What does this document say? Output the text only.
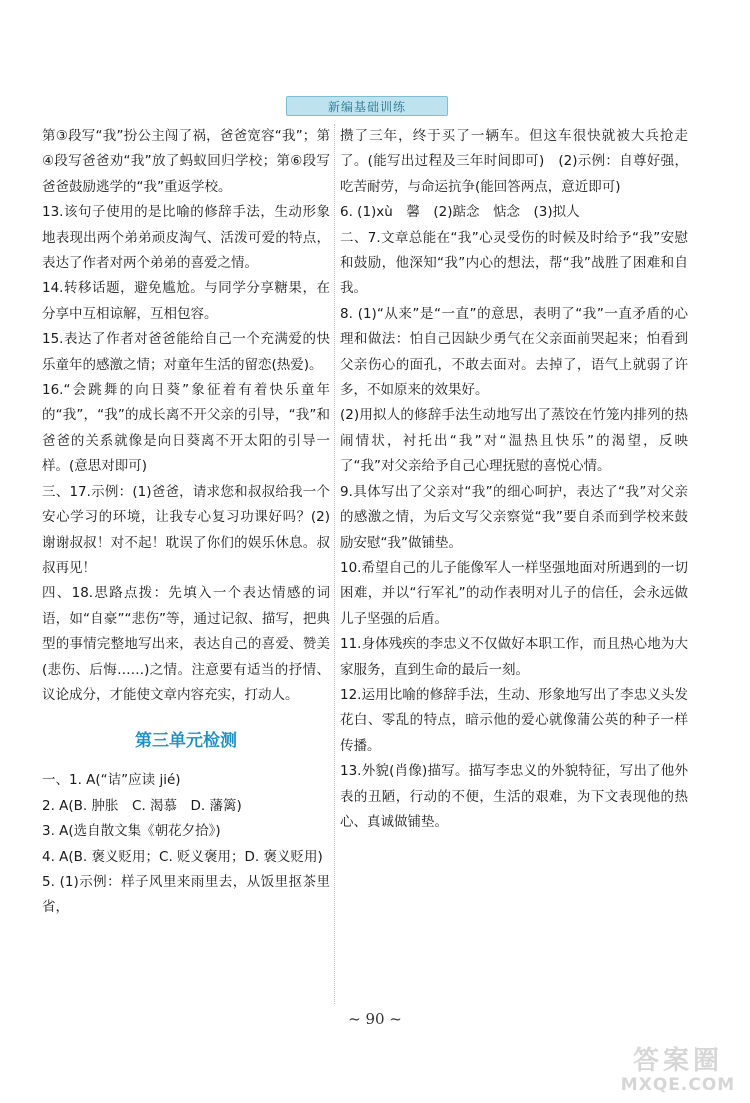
新编基础训练

第③段写“我”扮公主闯了祸，爸爸宽容“我”；第④段写爸爸劝“我”放了蚂蚁回归学校；第⑥段写爸爸鼓励逃学的“我”重返学校。

13.该句子使用的是比喻的修辞手法，生动形象地表现出两个弟弟顽皮淘气、活泼可爱的特点，表达了作者对两个弟弟的喜爱之情。

14.转移话题，避免尴尬。与同学分享糖果，在分享中互相谅解，互相包容。

15.表达了作者对爸爸能给自己一个充满爱的快乐童年的感激之情；对童年生活的留恋(热爱)。

16.“会跳舞的向日葵”象征着有着快乐童年的“我”，“我”的成长离不开父亲的引导，“我”和爸爸的关系就像是向日葵离不开太阳的引导一样。(意思对即可)

三、17.示例：(1)爸爸，请求您和叔叔给我一个安心学习的环境，让我专心复习功课好吗？(2)谢谢叔叔！对不起！耽误了你们的娱乐休息。叔叔再见！

四、18.思路点拨：先填入一个表达情感的词语，如“自豪”“悲伤”等，通过记叙、描写，把典型的事情完整地写出来，表达自己的喜爱、赞美(悲伤、后悔……)之情。注意要有适当的抒情、议论成分，才能使文章内容充实，打动人。

第三单元检测

一、1. A(“诘”应读 jié)

2. A(B. 肿胀　C. 渴慕　D. 藩篱)

3. A(选自散文集《朝花夕拾》)

4. A(B. 褒义贬用；C. 贬义褒用；D. 褒义贬用)

5. (1)示例：样子风里来雨里去，从饭里抠茶里省，

攒了三年，终于买了一辆车。但这车很快就被大兵抢走了。(能写出过程及三年时间即可)　(2)示例：自尊好强，吃苦耐劳，与命运抗争(能回答两点，意近即可)

6. (1)xù　馨　(2)踮念　惦念　(3)拟人

二、7.文章总能在“我”心灵受伤的时候及时给予“我”安慰和鼓励，他深知“我”内心的想法，帮“我”战胜了困难和自我。

8. (1)“从来”是“一直”的意思，表明了“我”一直矛盾的心理和做法：怕自己因缺少勇气在父亲面前哭起来；怕看到父亲伤心的面孔，不敢去面对。去掉了，语气上就弱了许多，不如原来的效果好。

(2)用拟人的修辞手法生动地写出了蒸饺在竹笼内排列的热闹情状，衬托出“我”对“温热且快乐”的渴望，反映了“我”对父亲给予自己心理抚慰的喜悦心情。

9.具体写出了父亲对“我”的细心呵护，表达了“我”对父亲的感激之情，为后文写父亲察觉“我”要自杀而到学校来鼓励安慰“我”做铺垫。

10.希望自己的儿子能像军人一样坚强地面对所遇到的一切困难，并以“行军礼”的动作表明对儿子的信任，会永远做儿子坚强的后盾。

11.身体残疾的李忠义不仅做好本职工作，而且热心地为大家服务，直到生命的最后一刻。

12.运用比喻的修辞手法，生动、形象地写出了李忠义头发花白、零乱的特点，暗示他的爱心就像蒲公英的种子一样传播。

13.外貌(肖像)描写。描写李忠义的外貌特征，写出了他外表的丑陋，行动的不便，生活的艰难，为下文表现他的热心、真诚做铺垫。

~ 90 ~
答案圈
MXQE.COM
